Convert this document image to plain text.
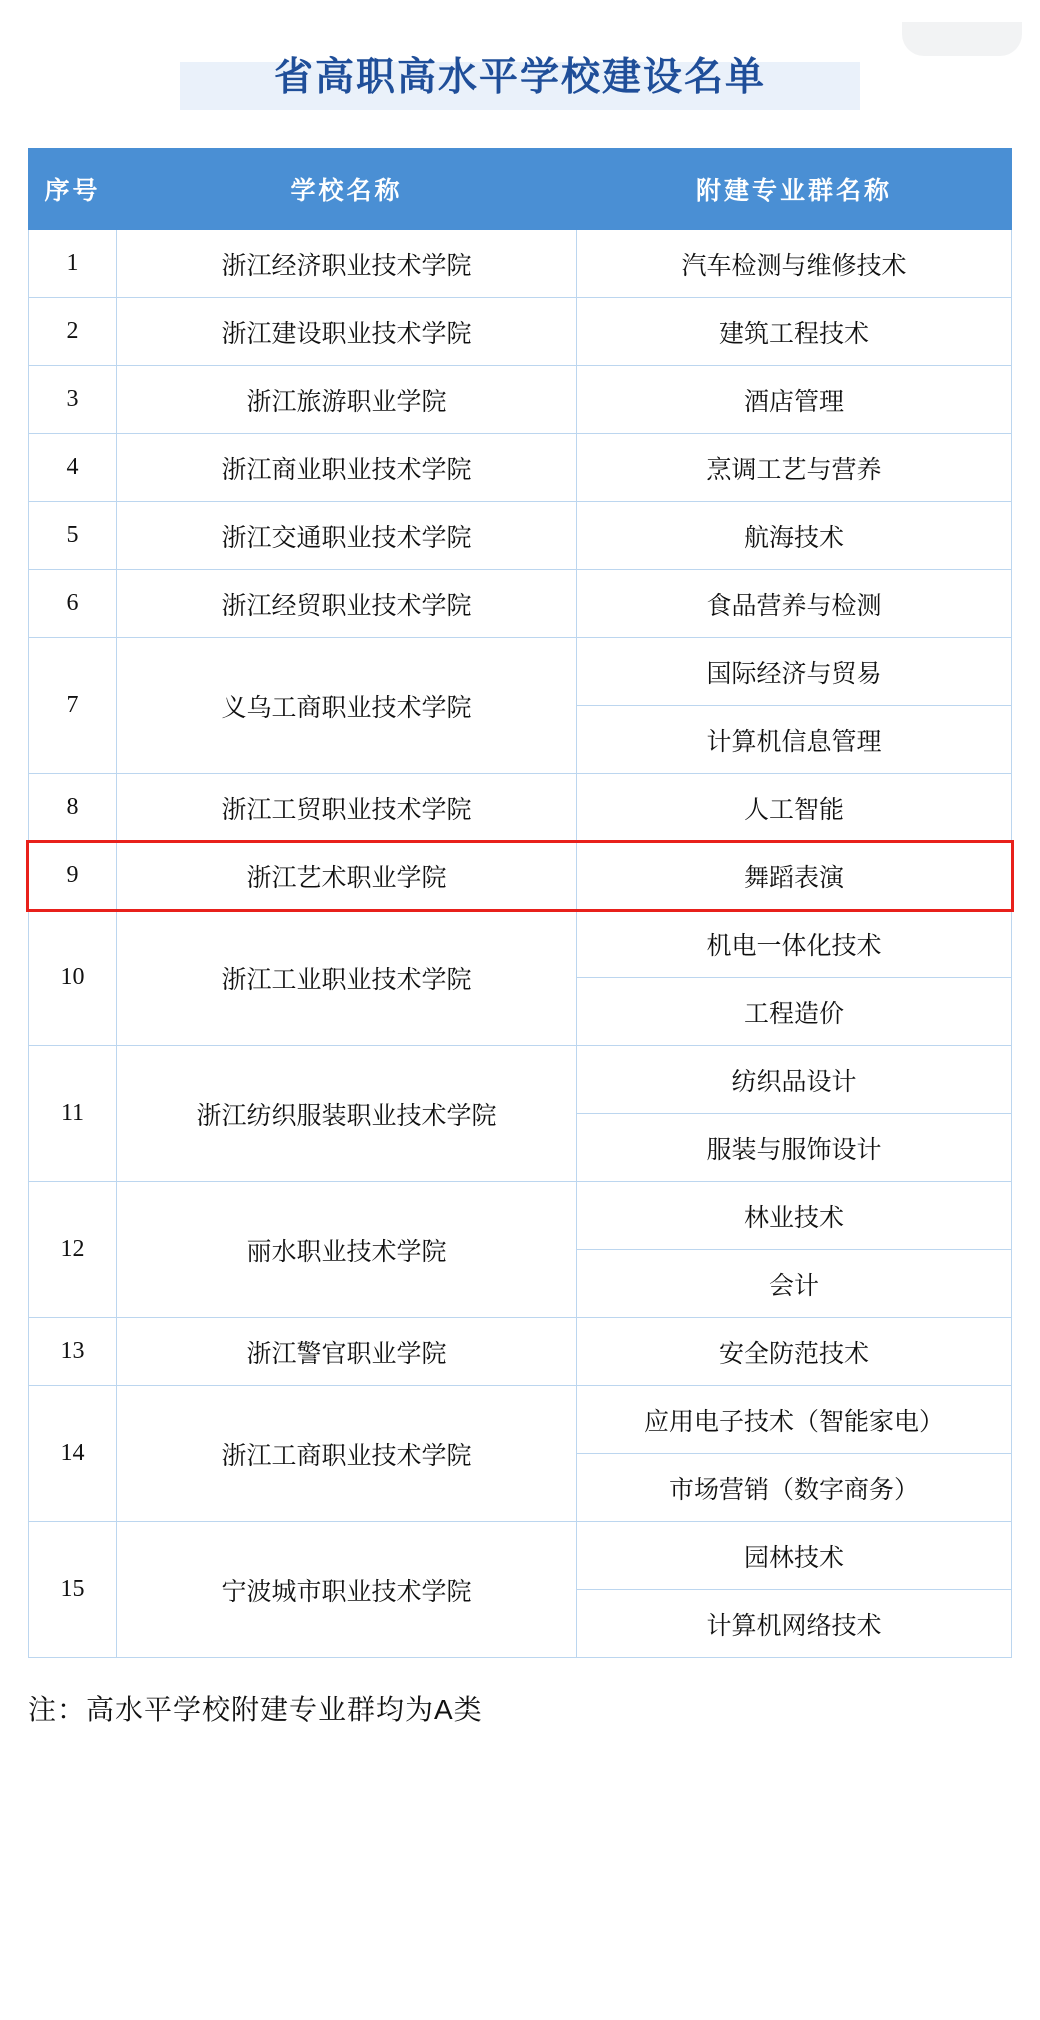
省高职高水平学校建设名单
序号	学校名称	附建专业群名称
1	浙江经济职业技术学院	汽车检测与维修技术
2	浙江建设职业技术学院	建筑工程技术
3	浙江旅游职业学院	酒店管理
4	浙江商业职业技术学院	烹调工艺与营养
5	浙江交通职业技术学院	航海技术
6	浙江经贸职业技术学院	食品营养与检测
7	义乌工商职业技术学院	国际经济与贸易
		计算机信息管理
8	浙江工贸职业技术学院	人工智能
9	浙江艺术职业学院	舞蹈表演
10	浙江工业职业技术学院	机电一体化技术
		工程造价
11	浙江纺织服装职业技术学院	纺织品设计
		服装与服饰设计
12	丽水职业技术学院	林业技术
		会计
13	浙江警官职业学院	安全防范技术
14	浙江工商职业技术学院	应用电子技术（智能家电）
		市场营销（数字商务）
15	宁波城市职业技术学院	园林技术
		计算机网络技术
注：高水平学校附建专业群均为A类
